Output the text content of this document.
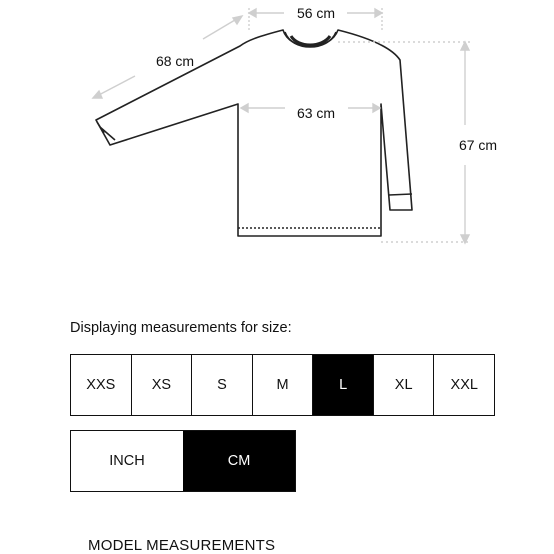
56 cm
68 cm
63 cm
67 cm
Displaying measurements for size:
XXS	XS	S	M	L	XL	XXL
INCH	CM
MODEL MEASUREMENTS
